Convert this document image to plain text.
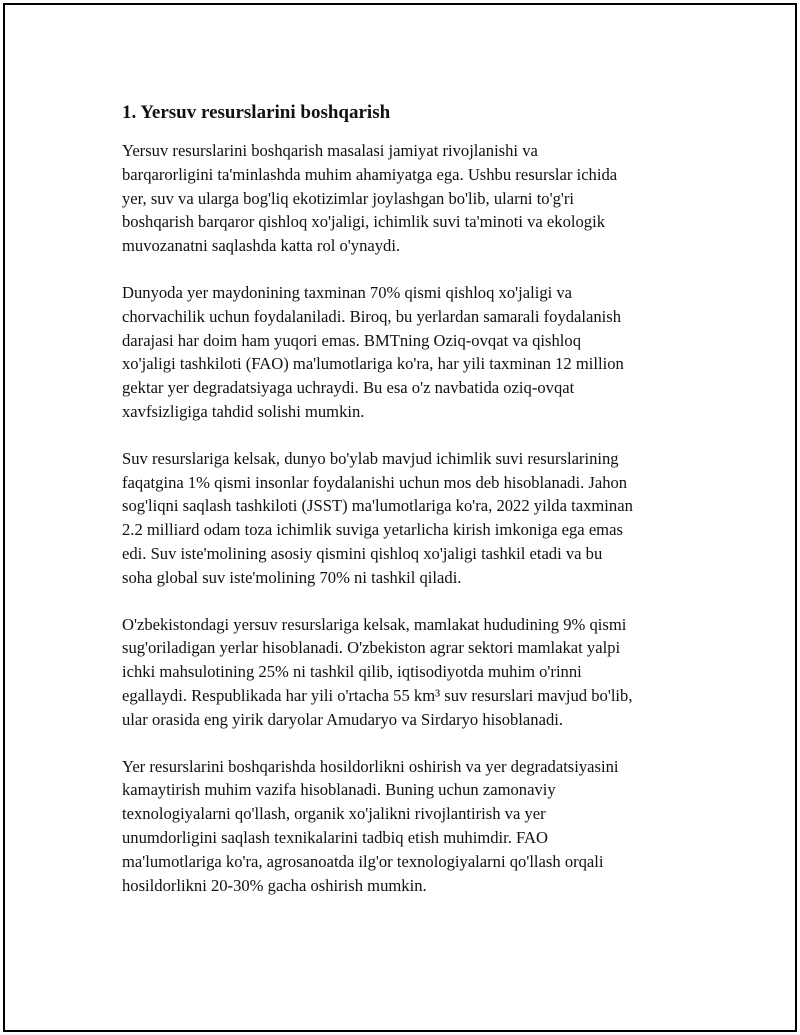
1. Yersuv resurslarini boshqarish

Yersuv resurslarini boshqarish masalasi jamiyat rivojlanishi va
barqarorligini ta'minlashda muhim ahamiyatga ega. Ushbu resurslar ichida
yer, suv va ularga bog'liq ekotizimlar joylashgan bo'lib, ularni to'g'ri
boshqarish barqaror qishloq xo'jaligi, ichimlik suvi ta'minoti va ekologik
muvozanatni saqlashda katta rol o'ynaydi.

Dunyoda yer maydonining taxminan 70% qismi qishloq xo'jaligi va
chorvachilik uchun foydalaniladi. Biroq, bu yerlardan samarali foydalanish
darajasi har doim ham yuqori emas. BMTning Oziq-ovqat va qishloq
xo'jaligi tashkiloti (FAO) ma'lumotlariga ko'ra, har yili taxminan 12 million
gektar yer degradatsiyaga uchraydi. Bu esa o'z navbatida oziq-ovqat
xavfsizligiga tahdid solishi mumkin.

Suv resurslariga kelsak, dunyo bo'ylab mavjud ichimlik suvi resurslarining
faqatgina 1% qismi insonlar foydalanishi uchun mos deb hisoblanadi. Jahon
sog'liqni saqlash tashkiloti (JSST) ma'lumotlariga ko'ra, 2022 yilda taxminan
2.2 milliard odam toza ichimlik suviga yetarlicha kirish imkoniga ega emas
edi. Suv iste'molining asosiy qismini qishloq xo'jaligi tashkil etadi va bu
soha global suv iste'molining 70% ni tashkil qiladi.

O'zbekistondagi yersuv resurslariga kelsak, mamlakat hududining 9% qismi
sug'oriladigan yerlar hisoblanadi. O'zbekiston agrar sektori mamlakat yalpi
ichki mahsulotining 25% ni tashkil qilib, iqtisodiyotda muhim o'rinni
egallaydi. Respublikada har yili o'rtacha 55 km³ suv resurslari mavjud bo'lib,
ular orasida eng yirik daryolar Amudaryo va Sirdaryo hisoblanadi.

Yer resurslarini boshqarishda hosildorlikni oshirish va yer degradatsiyasini
kamaytirish muhim vazifa hisoblanadi. Buning uchun zamonaviy
texnologiyalarni qo'llash, organik xo'jalikni rivojlantirish va yer
unumdorligini saqlash texnikalarini tadbiq etish muhimdir. FAO
ma'lumotlariga ko'ra, agrosanoatda ilg'or texnologiyalarni qo'llash orqali
hosildorlikni 20-30% gacha oshirish mumkin.
